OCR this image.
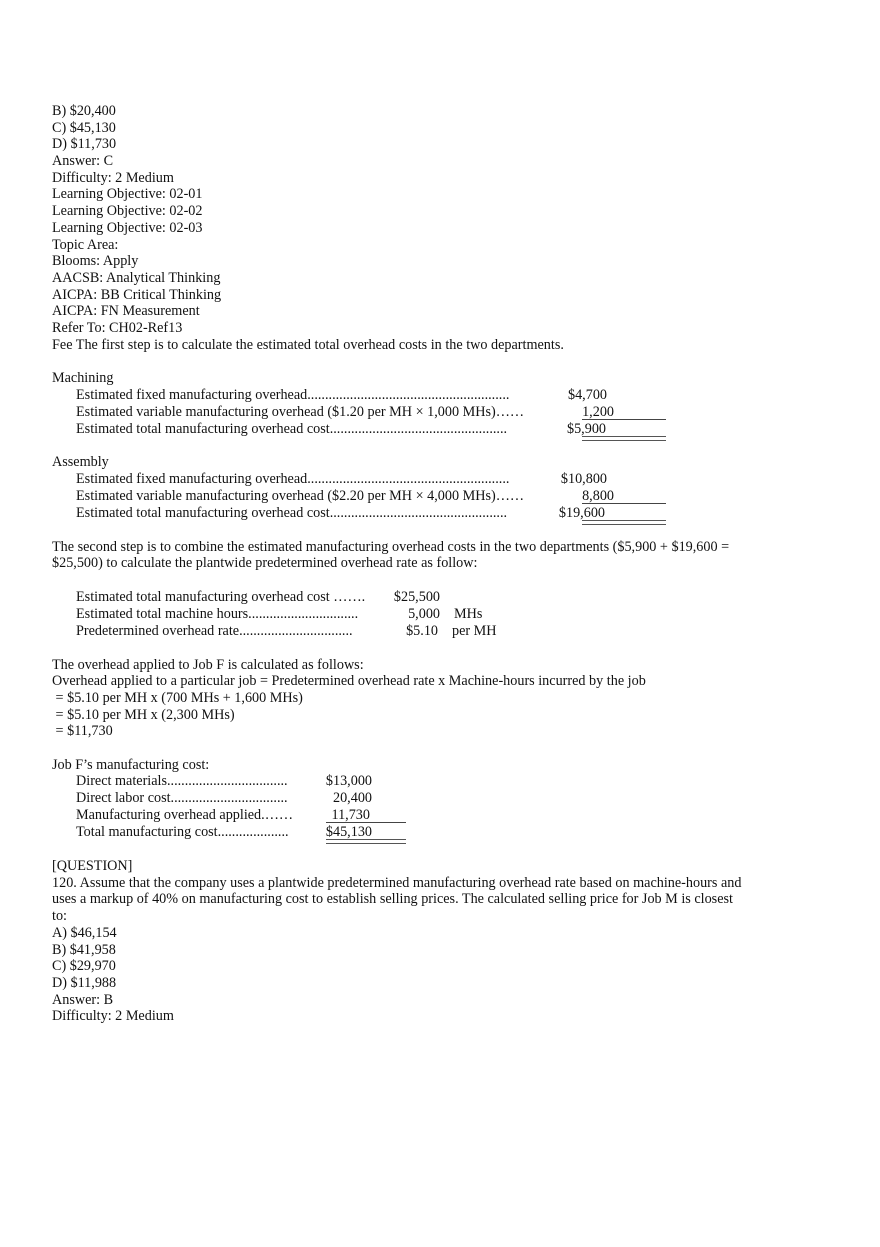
B) $20,400
C) $45,130
D) $11,730
Answer: C
Difficulty: 2 Medium
Learning Objective: 02-01
Learning Objective: 02-02
Learning Objective: 02-03
Topic Area:
Blooms: Apply
AACSB: Analytical Thinking
AICPA: BB Critical Thinking
AICPA: FN Measurement
Refer To: CH02-Ref13
Fee The first step is to calculate the estimated total overhead costs in the two departments.
Machining
Estimated fixed manufacturing overhead.........................................................	$4,700
Estimated variable manufacturing overhead ($1.20 per MH × 1,000 MHs)……	1,200
Estimated total manufacturing overhead cost..................................................	$5,900
Assembly
Estimated fixed manufacturing overhead.........................................................	$10,800
Estimated variable manufacturing overhead ($2.20 per MH × 4,000 MHs)……	8,800
Estimated total manufacturing overhead cost..................................................	$19,600
The second step is to combine the estimated manufacturing overhead costs in the two departments ($5,900 + $19,600 = $25,500) to calculate the plantwide predetermined overhead rate as follow:
Estimated total manufacturing overhead cost …….	$25,500
Estimated total machine hours...............................	5,000 MHs
Predetermined overhead rate................................	$5.10 per MH
The overhead applied to Job F is calculated as follows:
Overhead applied to a particular job = Predetermined overhead rate x Machine-hours incurred by the job
= $5.10 per MH x (700 MHs + 1,600 MHs)
= $5.10 per MH x (2,300 MHs)
= $11,730
Job F’s manufacturing cost:
Direct materials..................................	$13,000
Direct labor cost.................................	20,400
Manufacturing overhead applied.……	11,730
Total manufacturing cost....................	$45,130
[QUESTION]
120. Assume that the company uses a plantwide predetermined manufacturing overhead rate based on machine-hours and uses a markup of 40% on manufacturing cost to establish selling prices. The calculated selling price for Job M is closest to:
A) $46,154
B) $41,958
C) $29,970
D) $11,988
Answer: B
Difficulty: 2 Medium
